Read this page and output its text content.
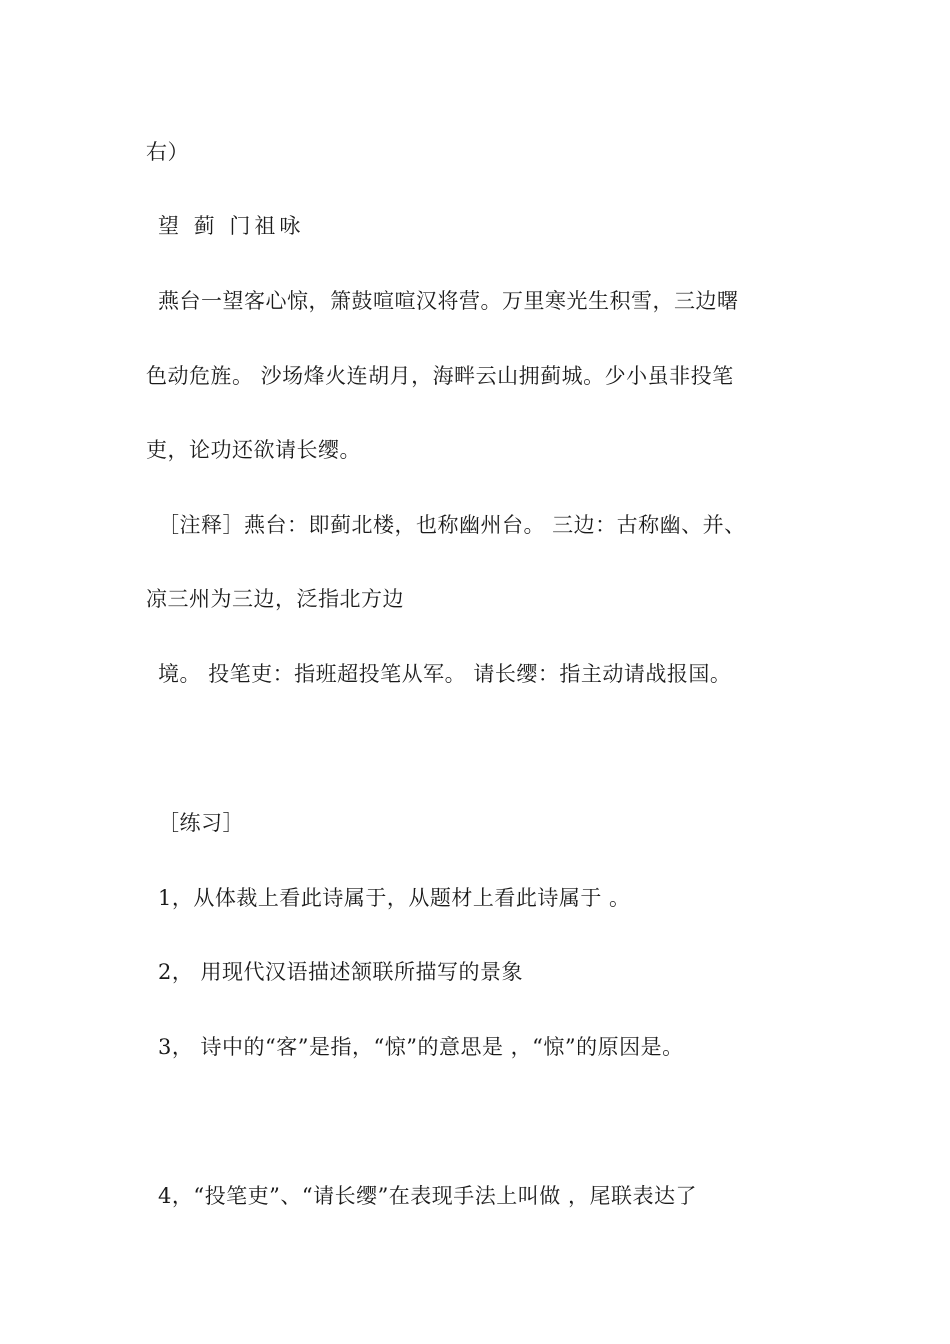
右）
望 蓟 门祖咏
燕台一望客心惊，箫鼓喧喧汉将营。万里寒光生积雪，三边曙
色动危旌。 沙场烽火连胡月，海畔云山拥蓟城。少小虽非投笔
吏，论功还欲请长缨。
［注释］燕台：即蓟北楼，也称幽州台。 三边：古称幽、并、
凉三州为三边，泛指北方边
境。 投笔吏：指班超投笔从军。 请长缨：指主动请战报国。
［练习］
1，从体裁上看此诗属于，从题材上看此诗属于 。
2， 用现代汉语描述颔联所描写的景象
3， 诗中的“客”是指，“惊”的意思是 ，“惊”的原因是。
4，“投笔吏”、“请长缨”在表现手法上叫做 ，尾联表达了
